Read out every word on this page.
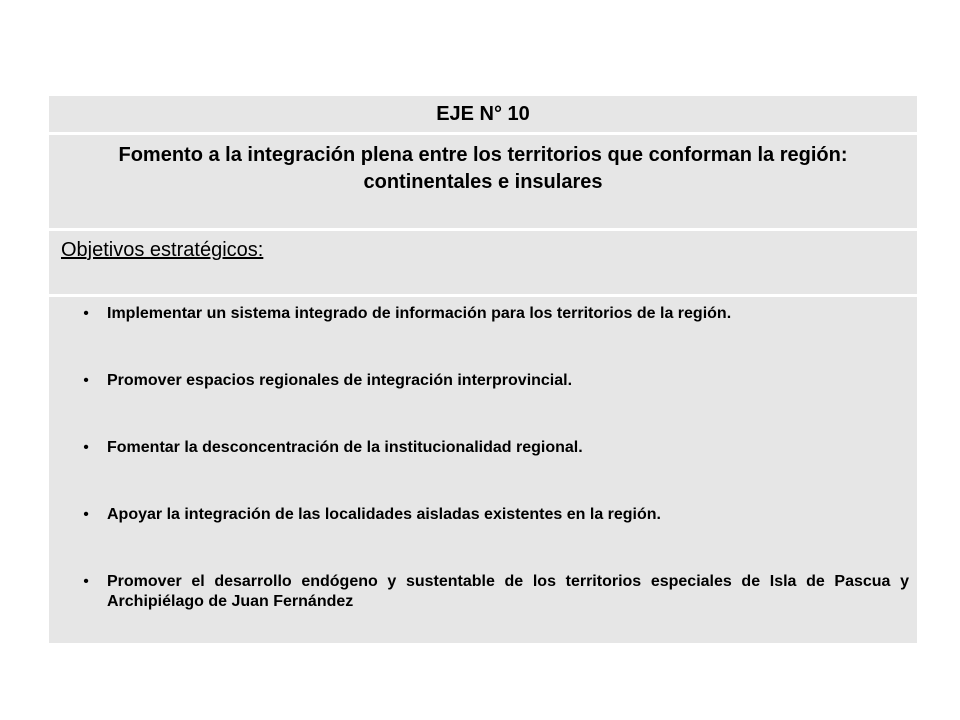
EJE N° 10
Fomento a la integración plena entre los territorios que conforman la región: continentales e insulares
Objetivos estratégicos:
•	Implementar un sistema integrado de información para los territorios de la región.
•	Promover espacios regionales de integración interprovincial.
•	Fomentar la desconcentración de la institucionalidad regional.
•	Apoyar la integración de las localidades aisladas existentes en la región.
•	Promover el desarrollo endógeno y sustentable de los territorios especiales de Isla de Pascua y Archipiélago de Juan Fernández
